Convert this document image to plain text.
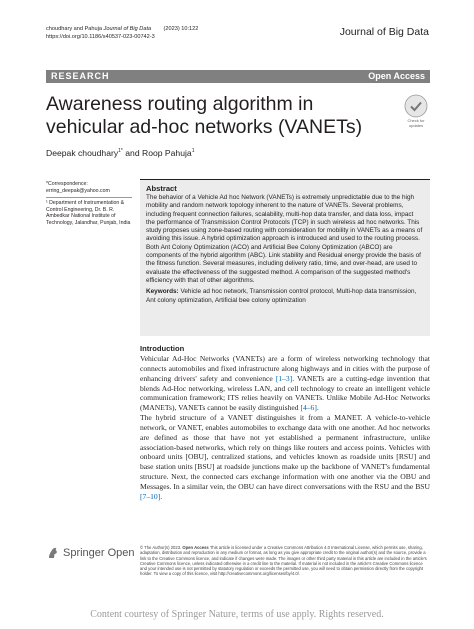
choudhary and Pahuja Journal of Big Data        (2023) 10:122
https://doi.org/10.1186/s40537-023-00742-3	Journal of Big Data
RESEARCH	Open Access
Awareness routing algorithm in vehicular ad-hoc networks (VANETs)	Check for updates
Deepak choudhary$^{1*}$ and Roop Pahuja$^1$
*Correspondence:
erring_deepak@yahoo.com
¹ Department of Instrumentation & Control Engineering, Dr. B. R. Ambedkar National Institute of Technology, Jalandhar, Punjab, India
Abstract
The behavior of a Vehicle Ad hoc Network (VANETs) is extremely unpredictable due to the high mobility and random network topology inherent to the nature of VANETs. Several problems, including frequent connection failures, scalability, multi-hop data transfer, and data loss, impact the performance of Transmission Control Protocols (TCP) in such wireless ad hoc networks. This study proposes using zone-based routing with consideration for mobility in VANETs as a means of avoiding this issue. A hybrid optimization approach is introduced and used to the routing process. Both Ant Colony Optimization (ACO) and Artificial Bee Colony Optimization (ABCO) are components of the hybrid algorithm (ABC). Link stability and Residual energy provide the basis of the fitness function. Several measures, including delivery ratio, time, and over-head, are used to evaluate the effectiveness of the suggested method. A comparison of the suggested method's efficiency with that of other algorithms.
Keywords: Vehicle ad hoc network, Transmission control protocol, Multi-hop data transmission, Ant colony optimization, Artificial bee colony optimization
Introduction

Vehicular Ad-Hoc Networks (VANETs) are a form of wireless networking technology that connects automobiles and fixed infrastructure along highways and in cities with the purpose of enhancing drivers' safety and convenience [1–3]. VANETs are a cutting-edge invention that blends Ad-Hoc networking, wireless LAN, and cell technology to create an intelligent vehicle communication framework; ITS relies heavily on VANETs. Unlike Mobile Ad-Hoc Networks (MANETs), VANETs cannot be easily distinguished [4–6].

The hybrid structure of a VANET distinguishes it from a MANET. A vehicle-to-vehicle network, or VANET, enables automobiles to exchange data with one another. Ad hoc networks are defined as those that have not yet established a permanent infrastructure, unlike association-based networks, which rely on things like routers and access points. Vehicles with onboard units [OBU], centralized stations, and vehicles known as roadside units [RSU] and base station units [BSU] at roadside junctions make up the backbone of VANET's fundamental structure. Next, the connected cars exchange information with one another via the OBU and Messages. In a similar vein, the OBU can have direct conversations with the RSU and the BSU [7–10].

Springer Open © The Author(s) 2023. Open Access This article is licensed under a Creative Commons Attribution 4.0 International License, which permits use, sharing, adaptation, distribution and reproduction in any medium or format, as long as you give appropriate credit to the original author(s) and the source, provide a link to the Creative Commons licence, and indicate if changes were made. The images or other third party material in this article are included in the article's Creative Commons licence, unless indicated otherwise in a credit line to the material. If material is not included in the article's Creative Commons licence and your intended use is not permitted by statutory regulation or exceeds the permitted use, you will need to obtain permission directly from the copyright holder. To view a copy of this licence, visit http://creativecommons.org/licenses/by/4.0/.
Content courtesy of Springer Nature, terms of use apply. Rights reserved.
